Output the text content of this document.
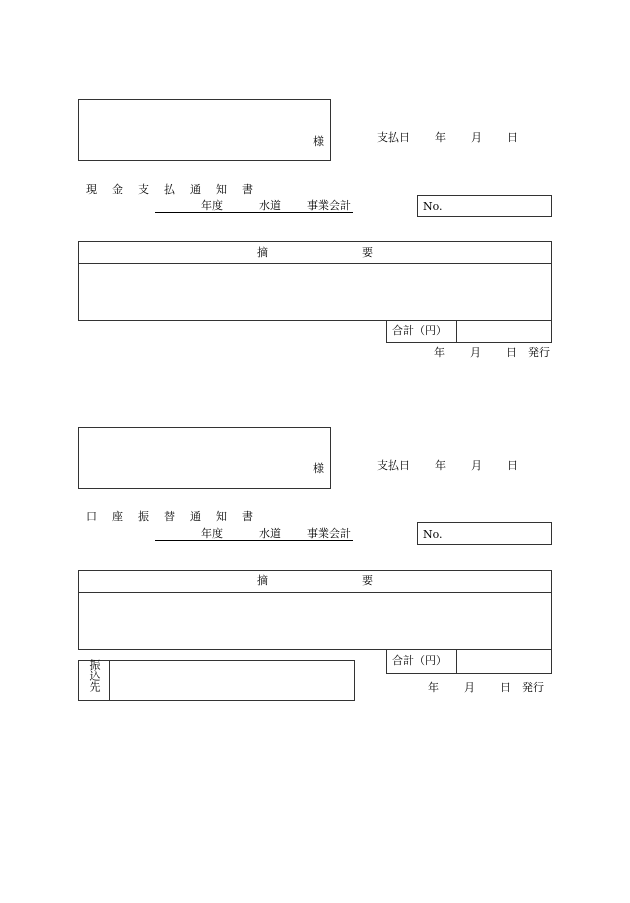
様	支払日 年 月 日
現金支払通知書
年度	水道 事業会計	No.
摘	要
合計（円）
年 月 日 発行
様	支払日 年 月 日
口座振替通知書
年度	水道 事業会計	No.
摘	要
合計（円）
振込先	年 月 日 発行
